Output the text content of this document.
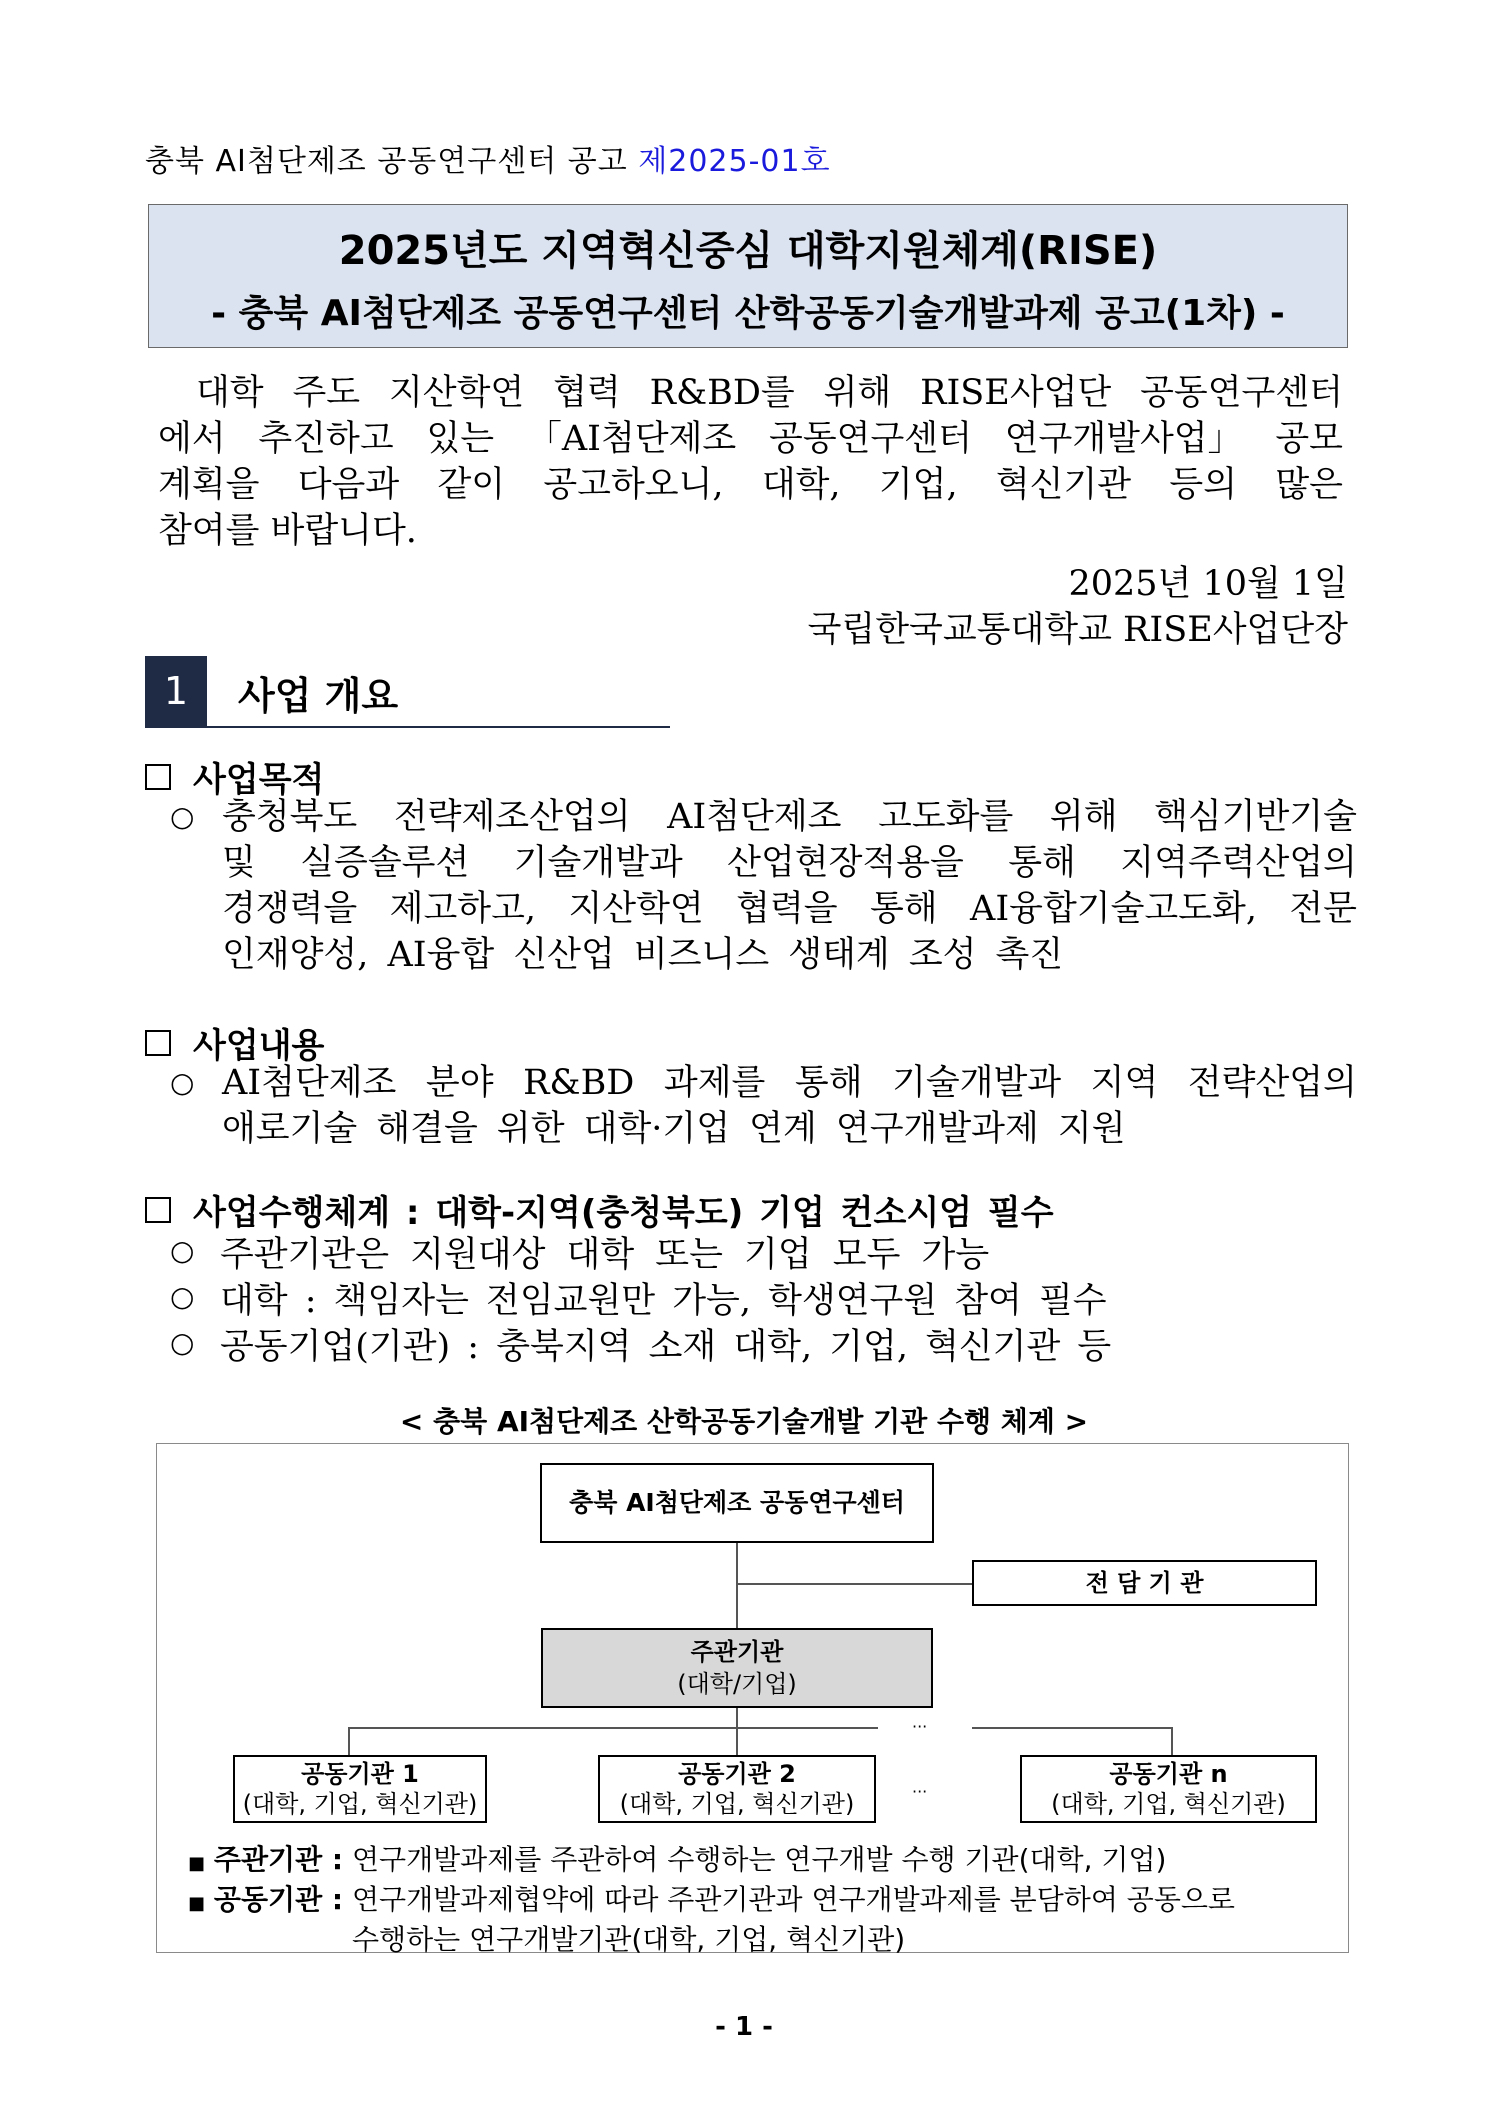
충북 AI첨단제조 공동연구센터 공고 제2025-01호
2025년도 지역혁신중심 대학지원체계(RISE)
- 충북 AI첨단제조 공동연구센터 산학공동기술개발과제 공고(1차) -
대학 주도 지산학연 협력 R&BD를 위해 RISE사업단 공동연구센터
에서 추진하고 있는 「AI첨단제조 공동연구센터 연구개발사업」 공모
계획을 다음과 같이 공고하오니, 대학, 기업, 혁신기관 등의 많은
참여를 바랍니다.
2025년 10월 1일
국립한국교통대학교 RISE사업단장
1	사업 개요
사업목적
○ 충청북도 전략제조산업의 AI첨단제조 고도화를 위해 핵심기반기술
및 실증솔루션 기술개발과 산업현장적용을 통해 지역주력산업의
경쟁력을 제고하고, 지산학연 협력을 통해 AI융합기술고도화, 전문
인재양성, AI융합 신산업 비즈니스 생태계 조성 촉진
사업내용
○ AI첨단제조 분야 R&BD 과제를 통해 기술개발과 지역 전략산업의
애로기술 해결을 위한 대학·기업 연계 연구개발과제 지원
사업수행체계 : 대학-지역(충청북도) 기업 컨소시엄 필수
○ 주관기관은 지원대상 대학 또는 기업 모두 가능
○ 대학 : 책임자는 전임교원만 가능, 학생연구원 참여 필수
○ 공동기업(기관) : 충북지역 소재 대학, 기업, 혁신기관 등
< 충북 AI첨단제조 산학공동기술개발 기관 수행 체계 >
충북 AI첨단제조 공동연구센터
전 담 기 관
주관기관
(대학/기업)
···
공동기관 1
(대학, 기업, 혁신기관)
공동기관 2
(대학, 기업, 혁신기관)	···
공동기관 n
(대학, 기업, 혁신기관)
■ 주관기관 : 연구개발과제를 주관하여 수행하는 연구개발 수행 기관(대학, 기업)
■ 공동기관 : 연구개발과제협약에 따라 주관기관과 연구개발과제를 분담하여 공동으로
수행하는 연구개발기관(대학, 기업, 혁신기관)
- 1 -
